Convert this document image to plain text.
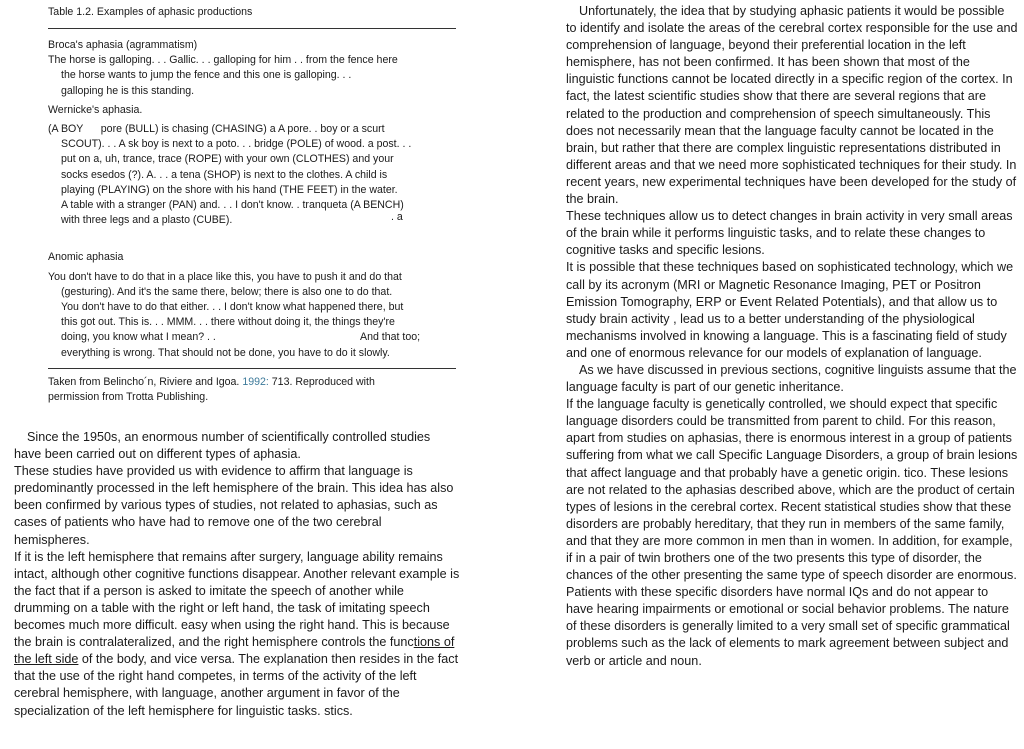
Table 1.2. Examples of aphasic productions
Broca's aphasia (agrammatism)
The horse is galloping. . . Gallic. . . galloping for him . . from the fence here
the horse wants to jump the fence and this one is galloping. . .
galloping he is this standing.
Wernicke's aphasia.
(A BOY      pore (BULL) is chasing (CHASING) a A pore. . boy or a scurt
SCOUT). . . A sk boy is next to a poto. . . bridge (POLE) of wood. a post. . .
put on a, uh, trance, trace (ROPE) with your own (CLOTHES) and your
socks esedos (?). A. . . a tena (SHOP) is next to the clothes. A child is
playing (PLAYING) on the shore with his hand (THE FEET) in the water.
A table with a stranger (PAN) and. . . I don't know. . tranqueta (A BENCH)
with three legs and a plasto (CUBE).	. a
Anomic aphasia
You don't have to do that in a place like this, you have to push it and do that
(gesturing). And it's the same there, below; there is also one to do that.
You don't have to do that either. . . I don't know what happened there, but
this got out. This is. . . MMM. . . there without doing it, the things they're
doing, you know what I mean? . .	And that too;
everything is wrong. That should not be done, you have to do it slowly.
Taken from Belincho´n, Riviere and Igoa. 1992: 713. Reproduced with
permission from Trotta Publishing.

Since the 1950s, an enormous number of scientifically controlled studies have been carried out on different types of aphasia.

These studies have provided us with evidence to affirm that language is predominantly processed in the left hemisphere of the brain. This idea has also been confirmed by various types of studies, not related to aphasias, such as cases of patients who have had to remove one of the two cerebral hemispheres.

If it is the left hemisphere that remains after surgery, language ability remains intact, although other cognitive functions disappear. Another relevant example is the fact that if a person is asked to imitate the speech of another while drumming on a table with the right or left hand, the task of imitating speech becomes much more difficult. easy when using the right hand. This is because the brain is contralateralized, and the right hemisphere controls the functions of the left side of the body, and vice versa. The explanation then resides in the fact that the use of the right hand competes, in terms of the activity of the left cerebral hemisphere, with language, another argument in favor of the specialization of the left hemisphere for linguistic tasks. stics.

Unfortunately, the idea that by studying aphasic patients it would be possible to identify and isolate the areas of the cerebral cortex responsible for the use and comprehension of language, beyond their preferential location in the left hemisphere, has not been confirmed. It has been shown that most of the linguistic functions cannot be located directly in a specific region of the cortex. In fact, the latest scientific studies show that there are several regions that are related to the production and comprehension of speech simultaneously. This does not necessarily mean that the language faculty cannot be located in the brain, but rather that there are complex linguistic representations distributed in different areas and that we need more sophisticated techniques for their study. In recent years, new experimental techniques have been developed for the study of the brain.

These techniques allow us to detect changes in brain activity in very small areas of the brain while it performs linguistic tasks, and to relate these changes to cognitive tasks and specific lesions.

It is possible that these techniques based on sophisticated technology, which we call by its acronym (MRI or Magnetic Resonance Imaging, PET or Positron Emission Tomography, ERP or Event Related Potentials), and that allow us to study brain activity , lead us to a better understanding of the physiological mechanisms involved in knowing a language. This is a fascinating field of study and one of enormous relevance for our models of explanation of language.

As we have discussed in previous sections, cognitive linguists assume that the language faculty is part of our genetic inheritance.

If the language faculty is genetically controlled, we should expect that specific language disorders could be transmitted from parent to child. For this reason, apart from studies on aphasias, there is enormous interest in a group of patients suffering from what we call Specific Language Disorders, a group of brain lesions that affect language and that probably have a genetic origin. tico. These lesions are not related to the aphasias described above, which are the product of certain types of lesions in the cerebral cortex. Recent statistical studies show that these disorders are probably hereditary, that they run in members of the same family, and that they are more common in men than in women. In addition, for example, if in a pair of twin brothers one of the two presents this type of disorder, the chances of the other presenting the same type of speech disorder are enormous.

Patients with these specific disorders have normal IQs and do not appear to have hearing impairments or emotional or social behavior problems. The nature of these disorders is generally limited to a very small set of specific grammatical problems such as the lack of elements to mark agreement between subject and verb or article and noun.
